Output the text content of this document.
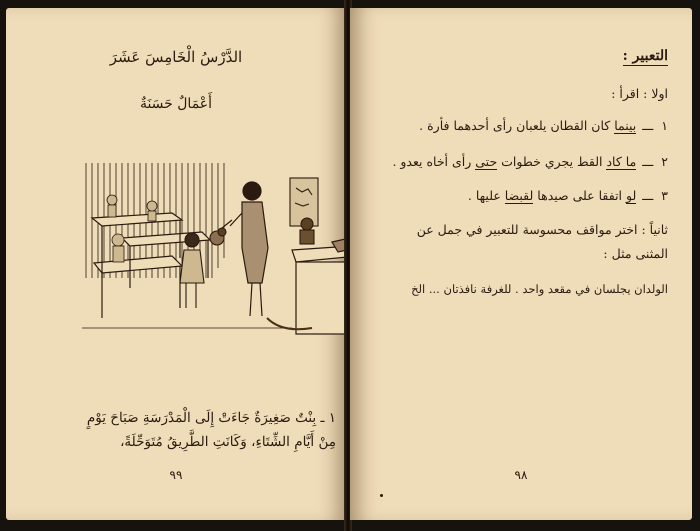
الدَّرْسُ الْخَامِسَ عَشَرَ
أَعْمَالٌ حَسَنَةٌ
١ ـ بِنْتٌ صَغِيرَةٌ جَاءَتْ إِلَى الْمَدْرَسَةِ صَبَاحَ يَوْمٍ
مِنْ أَيَّامِ الشِّتَاءِ، وَكَانَتِ الطَّرِيقُ مُتَوَحِّلَةً،
٩٩
التعبير :
اولا : اقرأ :
١ـــبينما كان القطان يلعبان رأى أحدهما فأرة .
٢ـــما كاد القط يجري خطوات حتى رأى أخاه يعدو .
٣ـــلو اتفقا على صيدها لقبضا عليها .
ثانياً : اختر مواقف محسوسة للتعبير في جمل عن
المثنى مثل :
الولدان يجلسان في مقعد واحد . للغرفة نافذتان ... الخ
٩٨
